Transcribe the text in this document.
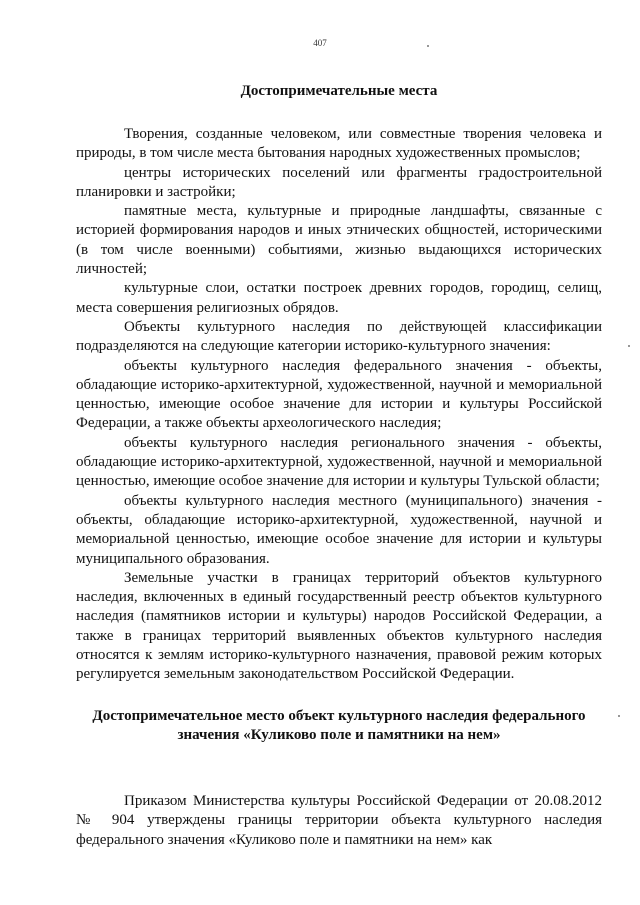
407
Достопримечательные места

Творения, созданные человеком, или совместные творения человека и природы, в том числе места бытования народных художественных промыслов;

центры исторических поселений или фрагменты градостроительной планировки и застройки;

памятные места, культурные и природные ландшафты, связанные с историей формирования народов и иных этнических общностей, историческими (в том числе военными) событиями, жизнью выдающихся исторических личностей;

культурные слои, остатки построек древних городов, городищ, селищ, места совершения религиозных обрядов.

Объекты культурного наследия по действующей классификации подразделяются на следующие категории историко-культурного значения:

объекты культурного наследия федерального значения - объекты, обладающие историко-архитектурной, художественной, научной и мемориальной ценностью, имеющие особое значение для истории и культуры Российской Федерации, а также объекты археологического наследия;

объекты культурного наследия регионального значения - объекты, обладающие историко-архитектурной, художественной, научной и мемориальной ценностью, имеющие особое значение для истории и культуры Тульской области;

объекты культурного наследия местного (муниципального) значения - объекты, обладающие историко-архитектурной, художественной, научной и мемориальной ценностью, имеющие особое значение для истории и культуры муниципального образования.

Земельные участки в границах территорий объектов культурного наследия, включенных в единый государственный реестр объектов культурного наследия (памятников истории и культуры) народов Российской Федерации, а также в границах территорий выявленных объектов культурного наследия относятся к землям историко-культурного назначения, правовой режим которых регулируется земельным законодательством Российской Федерации.

Достопримечательное место объект культурного наследия федерального значения «Куликово поле и памятники на нем»

Приказом Министерства культуры Российской Федерации от 20.08.2012 № 904 утверждены границы территории объекта культурного наследия федерального значения «Куликово поле и памятники на нем» как
